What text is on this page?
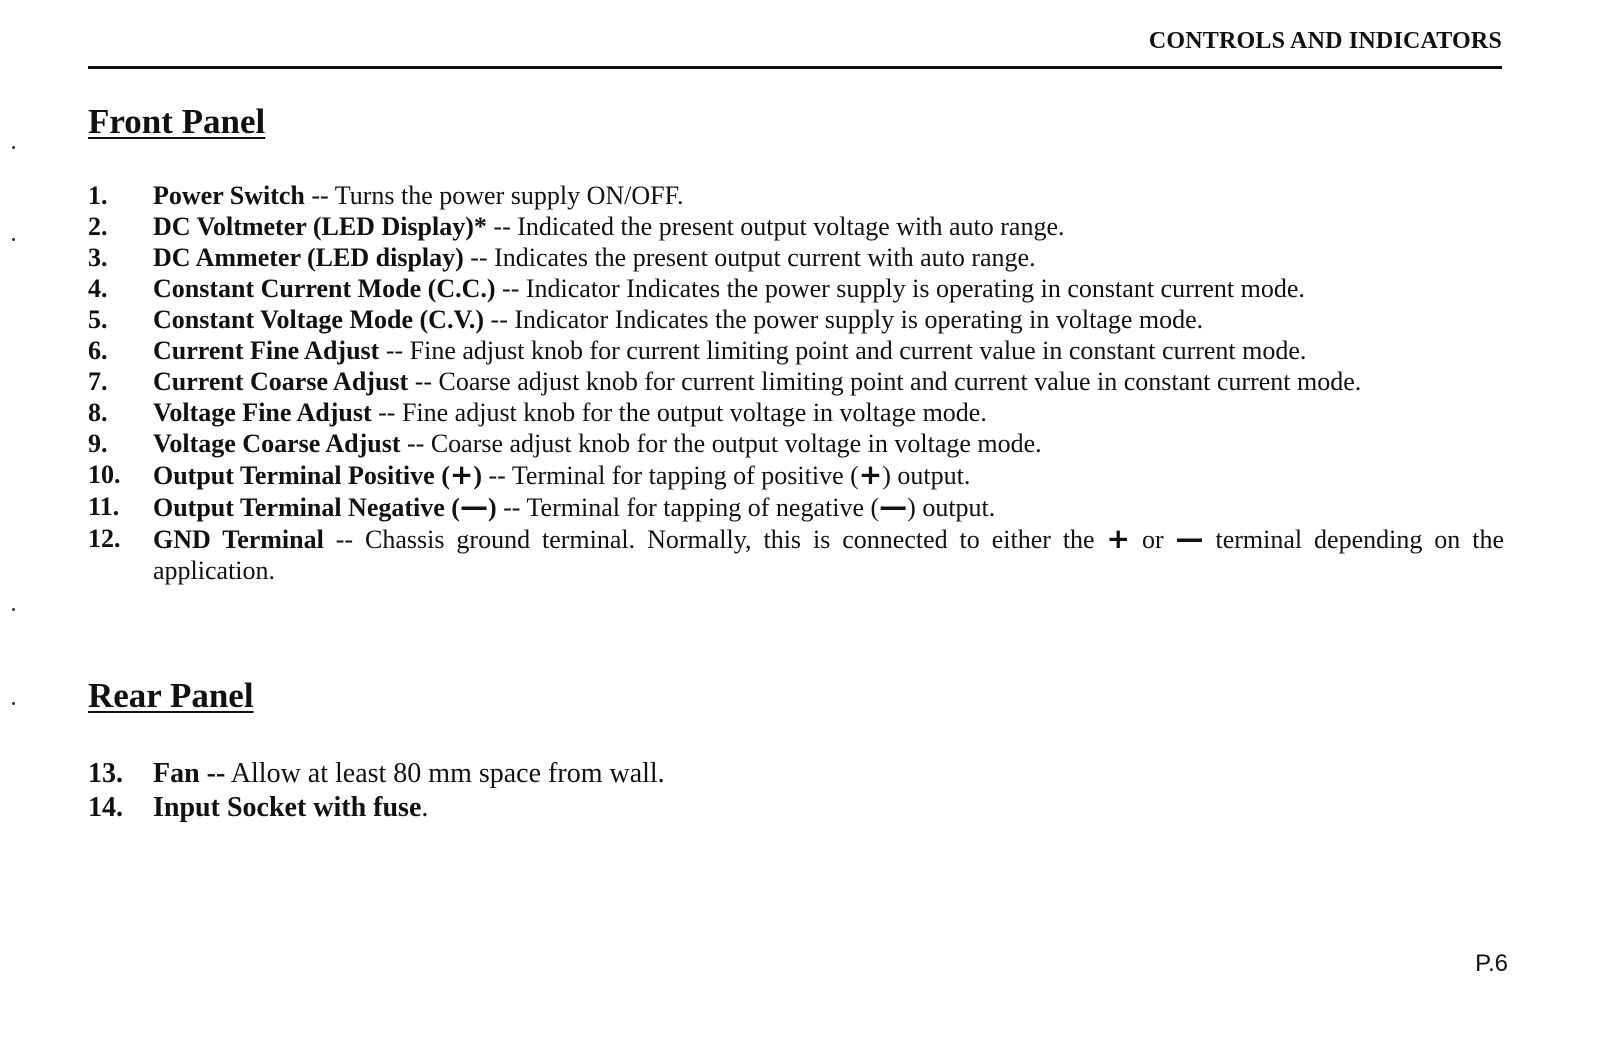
CONTROLS AND INDICATORS
Front Panel
1.	Power Switch -- Turns the power supply ON/OFF.
2.	DC Voltmeter (LED Display)* -- Indicated the present output voltage with auto range.
3.	DC Ammeter (LED display) -- Indicates the present output current with auto range.
4.	Constant Current Mode (C.C.) -- Indicator Indicates the power supply is operating in constant current mode.
5.	Constant Voltage Mode (C.V.) -- Indicator Indicates the power supply is operating in voltage mode.
6.	Current Fine Adjust -- Fine adjust knob for current limiting point and current value in constant current mode.
7.	Current Coarse Adjust -- Coarse adjust knob for current limiting point and current value in constant current mode.
8.	Voltage Fine Adjust -- Fine adjust knob for the output voltage in voltage mode.
9.	Voltage Coarse Adjust -- Coarse adjust knob for the output voltage in voltage mode.
10.	Output Terminal Positive (+) -- Terminal for tapping of positive (+) output.
11.	Output Terminal Negative (—) -- Terminal for tapping of negative (—) output.
12.	GND Terminal -- Chassis ground terminal. Normally, this is connected to either the + or — terminal depending on the application.
Rear Panel
13.	Fan -- Allow at least 80 mm space from wall.
14.	Input Socket with fuse.
P.6
